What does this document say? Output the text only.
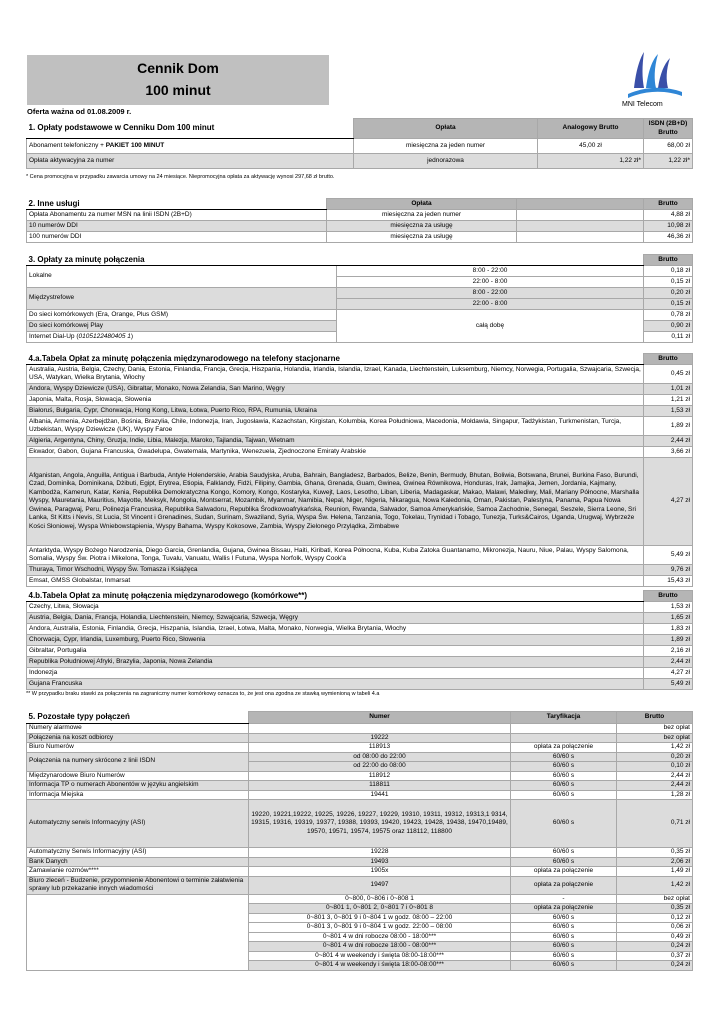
Cennik Dom
100 minut
MNI Telecom
Oferta ważna od 01.08.2009 r.
1. Opłaty podstawowe w Cenniku Dom 100 minut	Opłata	Analogowy Brutto	ISDN (2B+D) Brutto
Abonament telefoniczny + PAKIET 100 MINUT	miesięczna za jeden numer	45,00 zł	68,00 zł
Opłata aktywacyjna za numer	jednorazowa	1,22 zł*	1,22 zł*
* Cena promocyjna w przypadku zawarcia umowy na 24 miesiące. Niepromocyjna opłata za aktywację wynosi 297,68 zł brutto.
2. Inne usługi	Opłata		Brutto
Opłata Abonamentu za numer MSN na linii ISDN (2B+D)	miesięczna za jeden numer		4,88 zł
10 numerów DDI	miesięczna za usługę		10,98 zł
100 numerów DDI	miesięczna za usługę		46,36 zł
3. Opłaty za minutę połączenia		Brutto
Lokalne	8:00 - 22:00	0,18 zł
	22:00 - 8:00	0,15 zł
Międzystrefowe	8:00 - 22:00	0,20 zł
	22:00 - 8:00	0,15 zł
Do sieci komórkowych (Era, Orange, Plus GSM)	całą dobę	0,78 zł
Do sieci komórkowej Play		0,90 zł
Internet Dial-Up (0105122480405 1)		0,11 zł
4.a.Tabela Opłat za minutę połączenia międzynarodowego na telefony stacjonarne	Brutto
Australia, Austria, Belgia, Czechy, Dania, Estonia, Finlandia, Francja, Grecja, Hiszpania, Holandia, Irlandia, Islandia, Izrael, Kanada, Liechtenstein, Luksemburg, Niemcy, Norwegia, Portugalia, Szwajcaria, Szwecja, USA, Watykan, Wielka Brytania, Włochy	0,45 zł
Andora, Wyspy Dziewicze (USA), Gibraltar, Monako, Nowa Zelandia, San Marino, Węgry	1,01 zł
Japonia, Malta, Rosja, Słowacja, Słowenia	1,21 zł
Białoruś, Bułgaria, Cypr, Chorwacja, Hong Kong, Litwa, Łotwa, Puerto Rico, RPA, Rumunia, Ukraina	1,53 zł
Albania, Armenia, Azerbejdżan, Bośnia, Brazylia, Chile, Indonezja, Iran, Jugosławia, Kazachstan, Kirgistan, Kolumbia, Korea Południowa, Macedonia, Mołdawia, Singapur, Tadżykistan, Turkmenistan, Turcja, Uzbekistan, Wyspy Dziewicze (UK), Wyspy Faroe	1,89 zł
Algieria, Argentyna, Chiny, Gruzja, Indie, Libia, Malezja, Maroko, Tajlandia, Tajwan, Wietnam	2,44 zł
Ekwador, Gabon, Gujana Francuska, Gwadelupa, Gwatemala, Martynika, Wenezuela, Zjednoczone Emiraty Arabskie	3,66 zł
Afganistan, Angola, Anguilla, Antigua i Barbuda, Antyle Holenderskie, Arabia Saudyjska, Aruba, Bahrain, Bangladesz, Barbados, Belize, Benin, Bermudy, Bhutan, Boliwia, Botswana, Brunei, Burkina Faso, Burundi, Czad, Dominika, Dominikana, Dżibuti, Egipt, Erytrea, Etiopia, Falklandy, Fidżi, Filipiny, Gambia, Ghana, Grenada, Guam, Gwinea, Gwinea Równikowa, Honduras, Irak, Jamajka, Jemen, Jordania, Kajmany, Kambodża, Kamerun, Katar, Kenia, Republika Demokratyczna Kongo, Komory, Kongo, Kostaryka, Kuwejt, Laos, Lesotho, Liban, Liberia, Madagaskar, Makao, Malawi, Malediwy, Mali, Mariany Północne, Marshalla Wyspy, Mauretania, Mauritius, Mayotte, Meksyk, Mongolia, Montserrat, Mozambik, Myanmar, Namibia, Nepal, Niger, Nigeria, Nikaragua, Nowa Kaledonia, Oman, Pakistan, Palestyna, Panama, Papua Nowa Gwinea, Paragwaj, Peru, Polinezja Francuska, Republika Salwadoru, Republika Środkowoafrykańska, Reunion, Rwanda, Salwador, Samoa Amerykańskie, Samoa Zachodnie, Senegal, Seszele, Sierra Leone, Sri Lanka, St Kitts i Nevis, St Lucia, St Vincent i Grenadines, Sudan, Surinam, Swaziland, Syria, Wyspa Św. Helena, Tanzania, Togo, Tokelau, Trynidad i Tobago, Tunezja, Turks&Cairos, Uganda, Urugwaj, Wybrzeże Kości Słoniowej, Wyspa Wniebowstąpienia, Wyspy Bahama, Wyspy Kokosowe, Zambia, Wyspy Zielonego Przylądka, Zimbabwe	4,27 zł
Antarktyda, Wyspy Bożego Narodzenia, Diego Garcia, Grenlandia, Gujana, Gwinea Bissau, Haiti, Kiribati, Korea Północna, Kuba, Kuba Zatoka Guantanamo, Mikronezja, Nauru, Niue, Palau, Wyspy Salomona, Somalia, Wyspy Św. Piotra i Mikelona, Tonga, Tuvalu, Vanuatu, Wallis I Futuna, Wyspa Norfolk, Wyspy Cook'a	5,49 zł
Thuraya, Timor Wschodni, Wyspy Św. Tomasza i Książęca	9,76 zł
Emsat, GMSS Globalstar, Inmarsat	15,43 zł
4.b.Tabela Opłat za minutę połączenia międzynarodowego (komórkowe**)	Brutto
Czechy, Litwa, Słowacja	1,53 zł
Austria, Belgia, Dania, Francja, Holandia, Liechtenstein, Niemcy, Szwajcaria, Szwecja, Węgry	1,65 zł
Andora, Australia, Estonia, Finlandia, Grecja, Hiszpania, Islandia, Izrael, Łotwa, Malta, Monako, Norwegia, Wielka Brytania, Włochy	1,83 zł
Chorwacja, Cypr, Irlandia, Luxemburg, Puerto Rico, Słowenia	1,89 zł
Gibraltar, Portugalia	2,16 zł
Republika Południowej Afryki, Brazylia, Japonia, Nowa Zelandia	2,44 zł
Indonezja	4,27 zł
Gujana Francuska	5,49 zł
** W przypadku braku stawki za połączenia na zagraniczny numer komórkowy oznacza to, że jest ona zgodna ze stawką wymienioną w tabeli 4.a
5. Pozostałe typy połączeń	Numer	Taryfikacja	Brutto
Numery alarmowe			bez opłat
Połączenia na koszt odbiorcy	19222		bez opłat
Biuro Numerów	118913	opłata za połączenie	1,42 zł
Połączenia na numery skrócone z linii ISDN	od 08:00 do 22:00	60/60 s	0,20 zł
	od 22:00 do 08:00	60/60 s	0,10 zł
Międzynarodowe Biuro Numerów	118912	60/60 s	2,44 zł
Informacja TP o numerach Abonentów w języku angielskim	118811	60/60 s	2,44 zł
Informacja Miejska	19441	60/60 s	1,28 zł
Automatyczny serwis Informacyjny (ASI)	19220, 19221,19222, 19225, 19226, 19227, 19229, 19310, 19311, 19312, 19313,1 9314, 19315, 19316, 19319, 19377, 19388, 19393, 19420, 19423, 19428, 19438, 19470,19489, 19570, 19571, 19574, 19575 oraz 118112, 118800	60/60 s	0,71 zł
Automatyczny Serwis Informacyjny (ASI)	19228	60/60 s	0,35 zł
Bank Danych	19493	60/60 s	2,06 zł
Zamawianie rozmów****	1905x	opłata za połączenie	1,49 zł
Biuro zleceń - Budzenie, przypomnienie Abonentowi o terminie załatwienia sprawy lub przekazanie innych wiadomości	19497	opłata za połączenie	1,42 zł
	0~800, 0~806 i 0~808 1	-	bez opłat
	0~801 1, 0~801 2, 0~801 7 i 0~801 8	opłata za połączenie	0,35 zł
	0~801 3, 0~801 9 i 0~804 1 w godz. 08:00 – 22:00	60/60 s	0,12 zł
	0~801 3, 0~801 9 i 0~804 1 w godz. 22:00 – 08:00	60/60 s	0,06 zł
	0~801 4 w dni robocze 08:00 - 18:00***	60/60 s	0,49 zł
	0~801 4 w dni robocze 18:00 - 08:00***	60/60 s	0,24 zł
	0~801 4 w weekendy i święta 08:00-18:00***	60/60 s	0,37 zł
	0~801 4 w weekendy i święta 18:00-08:00***	60/60 s	0,24 zł
